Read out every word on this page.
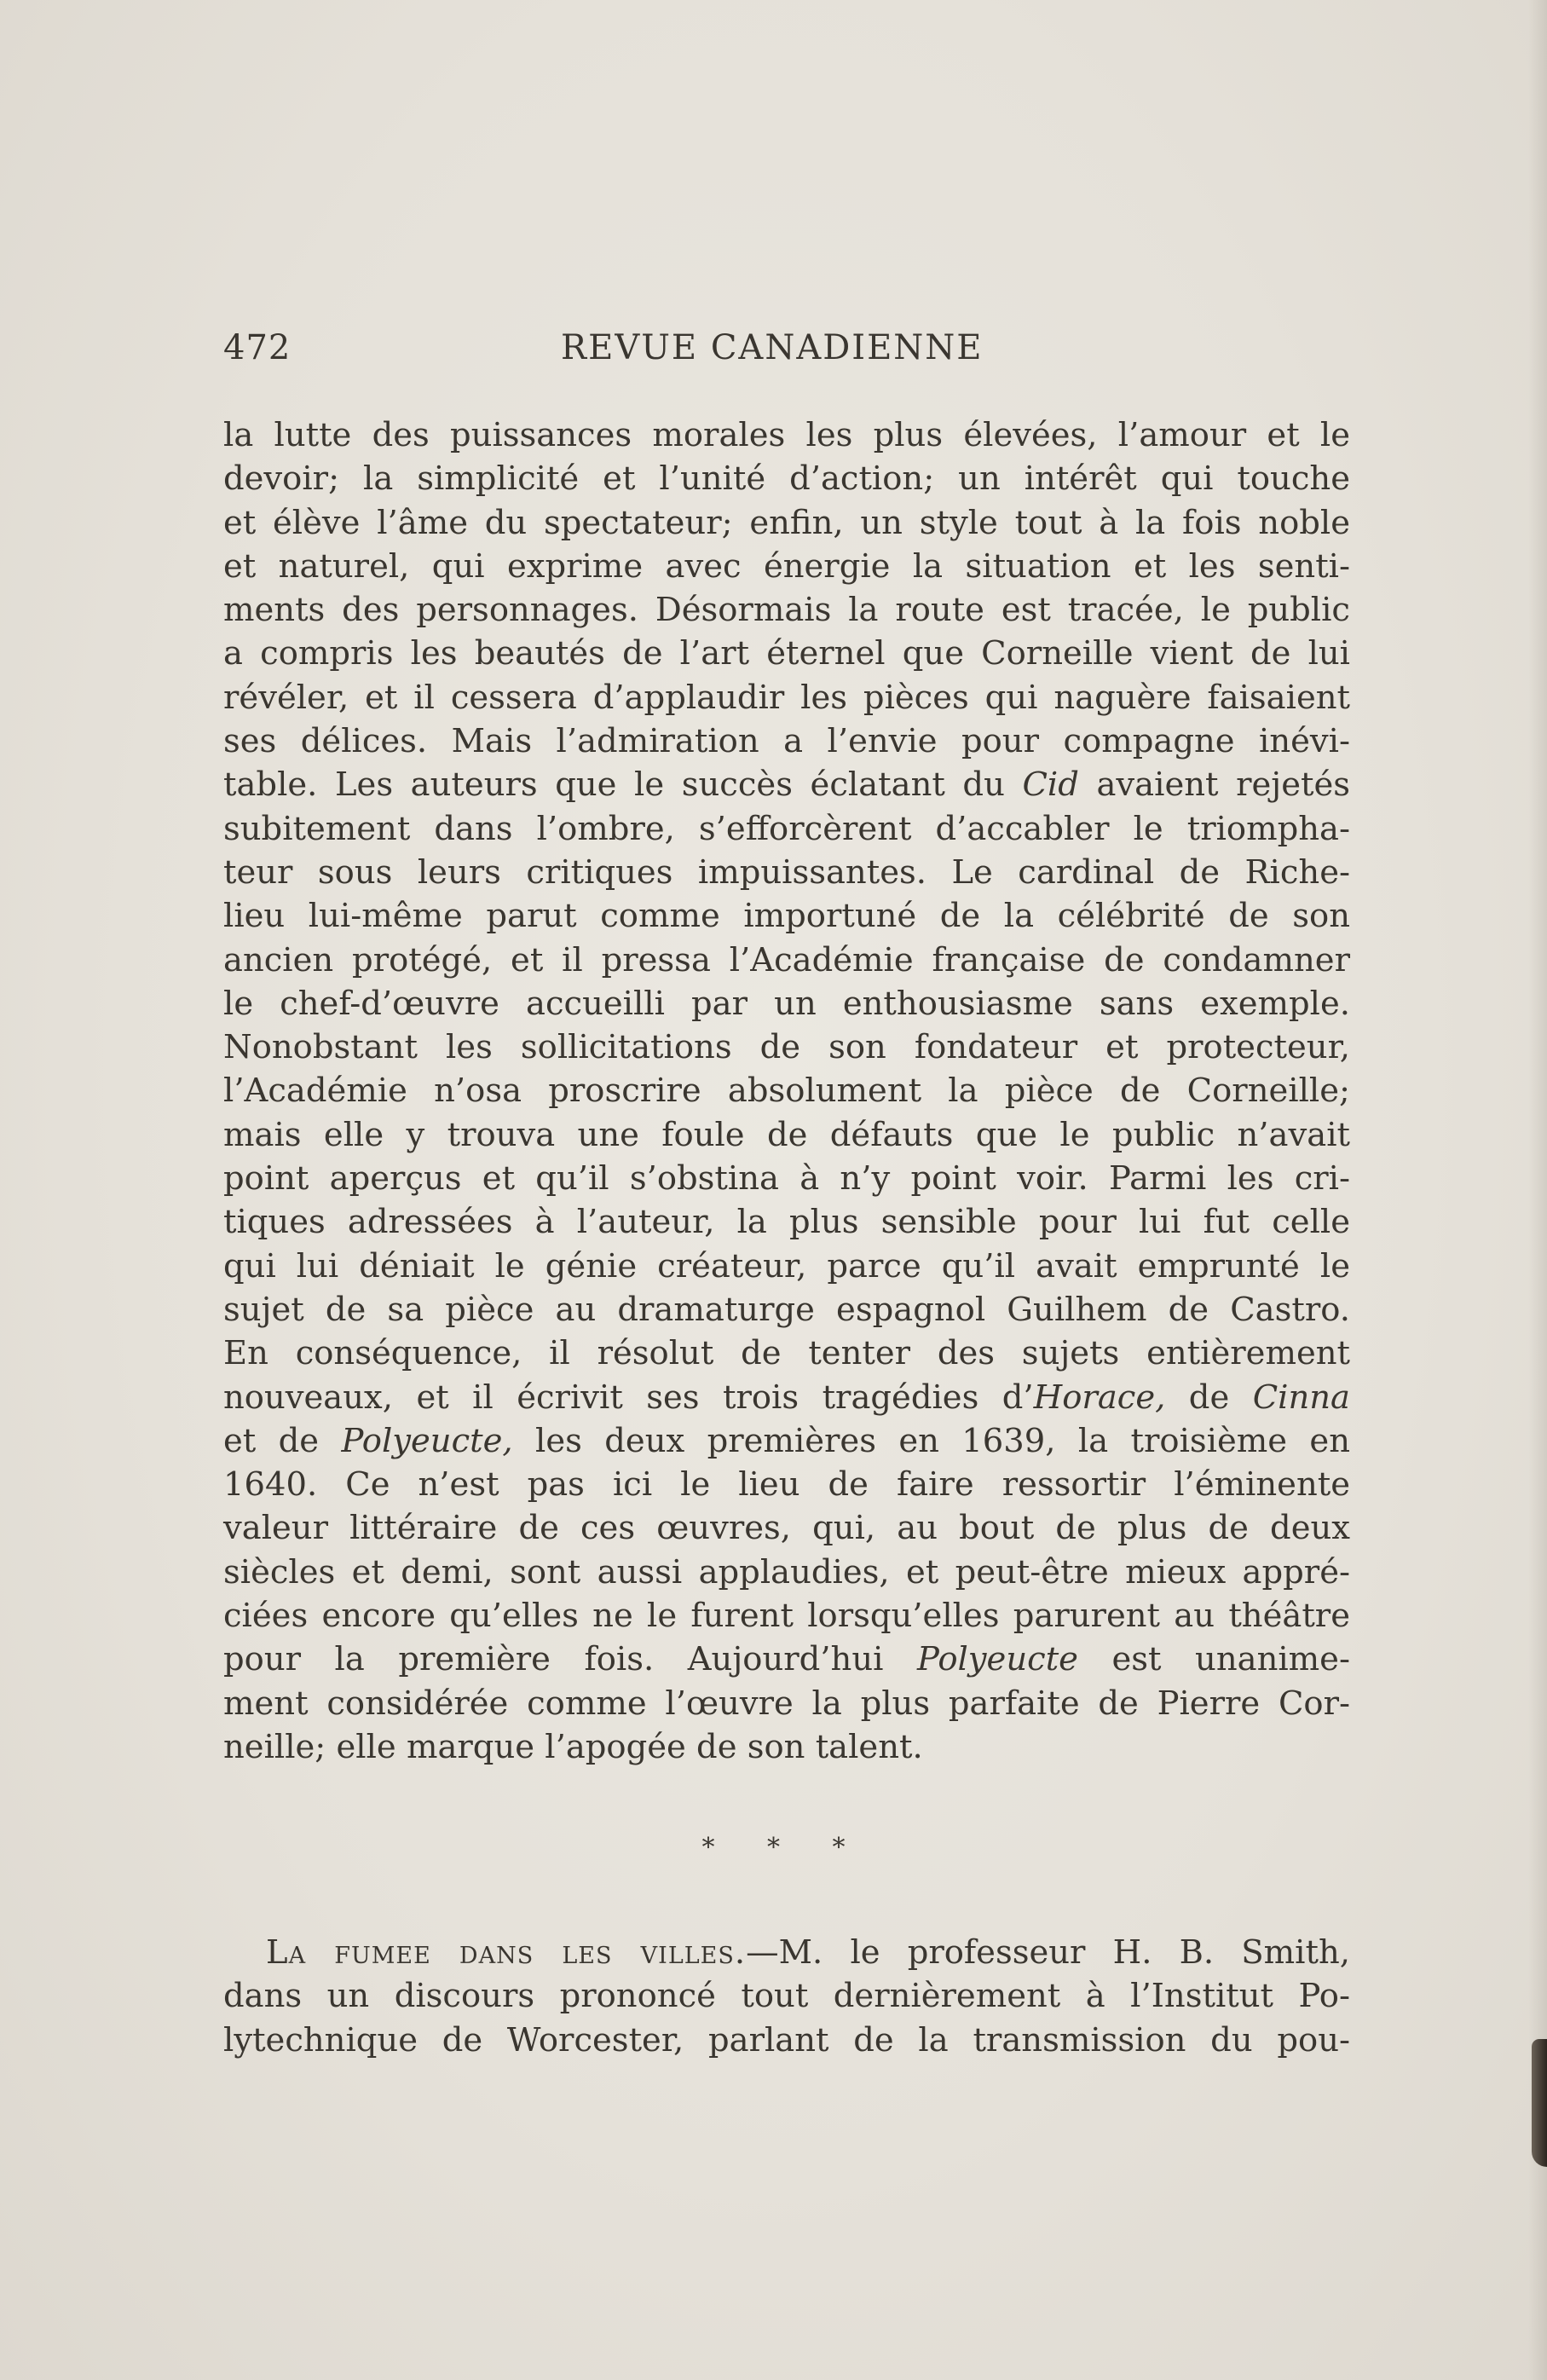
472	REVUE CANADIENNE
la lutte des puissances morales les plus élevées, l’amour et le
devoir; la simplicité et l’unité d’action; un intérêt qui touche
et élève l’âme du spectateur; enfin, un style tout à la fois noble
et naturel, qui exprime avec énergie la situation et les senti-
ments des personnages. Désormais la route est tracée, le public
a compris les beautés de l’art éternel que Corneille vient de lui
révéler, et il cessera d’applaudir les pièces qui naguère faisaient
ses délices. Mais l’admiration a l’envie pour compagne inévi-
table. Les auteurs que le succès éclatant du Cid avaient rejetés
subitement dans l’ombre, s’efforcèrent d’accabler le triompha-
teur sous leurs critiques impuissantes. Le cardinal de Riche-
lieu lui-même parut comme importuné de la célébrité de son
ancien protégé, et il pressa l’Académie française de condamner
le chef-d’œuvre accueilli par un enthousiasme sans exemple.
Nonobstant les sollicitations de son fondateur et protecteur,
l’Académie n’osa proscrire absolument la pièce de Corneille;
mais elle y trouva une foule de défauts que le public n’avait
point aperçus et qu’il s’obstina à n’y point voir. Parmi les cri-
tiques adressées à l’auteur, la plus sensible pour lui fut celle
qui lui déniait le génie créateur, parce qu’il avait emprunté le
sujet de sa pièce au dramaturge espagnol Guilhem de Castro.
En conséquence, il résolut de tenter des sujets entièrement
nouveaux, et il écrivit ses trois tragédies d’Horace, de Cinna
et de Polyeucte, les deux premières en 1639, la troisième en
1640. Ce n’est pas ici le lieu de faire ressortir l’éminente
valeur littéraire de ces œuvres, qui, au bout de plus de deux
siècles et demi, sont aussi applaudies, et peut-être mieux appré-
ciées encore qu’elles ne le furent lorsqu’elles parurent au théâtre
pour la première fois. Aujourd’hui Polyeucte est unanime-
ment considérée comme l’œuvre la plus parfaite de Pierre Cor-
neille; elle marque l’apogée de son talent.
* * *
La fumee dans les villes.—M. le professeur H. B. Smith,
dans un discours prononcé tout dernièrement à l’Institut Po-
lytechnique de Worcester, parlant de la transmission du pou-
